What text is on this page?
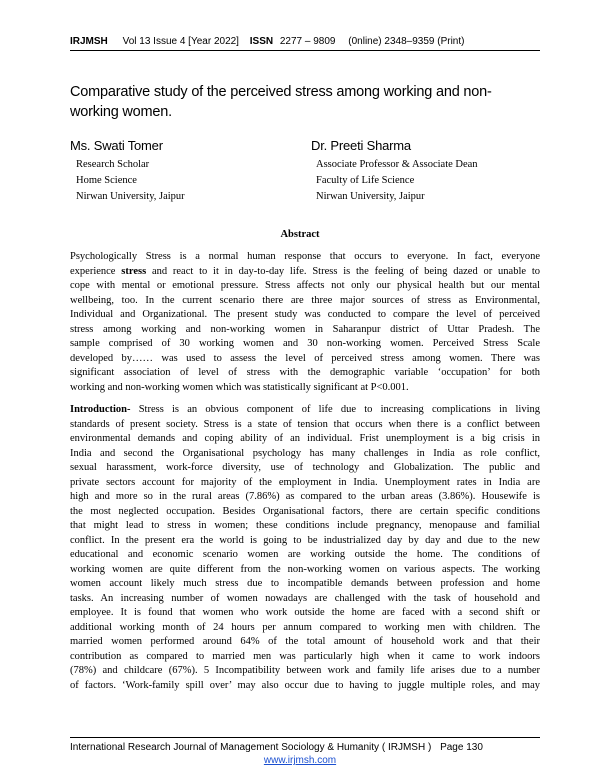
IRJMSH Vol 13 Issue 4 [Year 2022] ISSN 2277 – 9809 (0nline) 2348–9359 (Print)
Comparative study of the perceived stress among working and non-working women.
Ms. Swati Tomer
Research Scholar
Home Science
Nirwan University, Jaipur
Dr. Preeti Sharma
Associate Professor & Associate Dean
Faculty of Life Science
Nirwan University, Jaipur
Abstract
Psychologically Stress is a normal human response that occurs to everyone. In fact, everyone
experience stress and react to it in day-to-day life. Stress is the feeling of being dazed or unable to
cope with mental or emotional pressure. Stress affects not only our physical health but our mental
wellbeing, too. In the current scenario there are three major sources of stress as Environmental,
Individual and Organizational. The present study was conducted to compare the level of perceived
stress among working and non-working women in Saharanpur district of Uttar Pradesh. The
sample comprised of 30 working women and 30 non-working women. Perceived Stress Scale
developed by…… was used to assess the level of perceived stress among women. There was
significant association of level of stress with the demographic variable ‘occupation’ for both
working and non-working women which was statistically significant at P<0.001.
Introduction- Stress is an obvious component of life due to increasing complications in living
standards of present society. Stress is a state of tension that occurs when there is a conflict between
environmental demands and coping ability of an individual. Frist unemployment is a big crisis in
India and second the Organisational psychology has many challenges in India as role conflict,
sexual harassment, work-force diversity, use of technology and Globalization. The public and
private sectors account for majority of the employment in India. Unemployment rates in India are
high and more so in the rural areas (7.86%) as compared to the urban areas (3.86%). Housewife is
the most neglected occupation. Besides Organisational factors, there are certain specific conditions
that might lead to stress in women; these conditions include pregnancy, menopause and familial
conflict. In the present era the world is going to be industrialized day by day and due to the new
educational and economic scenario women are working outside the home. The conditions of
working women are quite different from the non-working women on various aspects. The working
women account likely much stress due to incompatible demands between profession and home
tasks. An increasing number of women nowadays are challenged with the task of household and
employee. It is found that women who work outside the home are faced with a second shift or
additional working month of 24 hours per annum compared to working men with children. The
married women performed around 64% of the total amount of household work and that their
contribution as compared to married men was particularly high when it came to work indoors
(78%) and childcare (67%). 5 Incompatibility between work and family life arises due to a number
of factors. ‘Work-family spill over’ may also occur due to having to juggle multiple roles, and may
International Research Journal of Management Sociology & Humanity ( IRJMSH ) Page 130
www.irjmsh.com
